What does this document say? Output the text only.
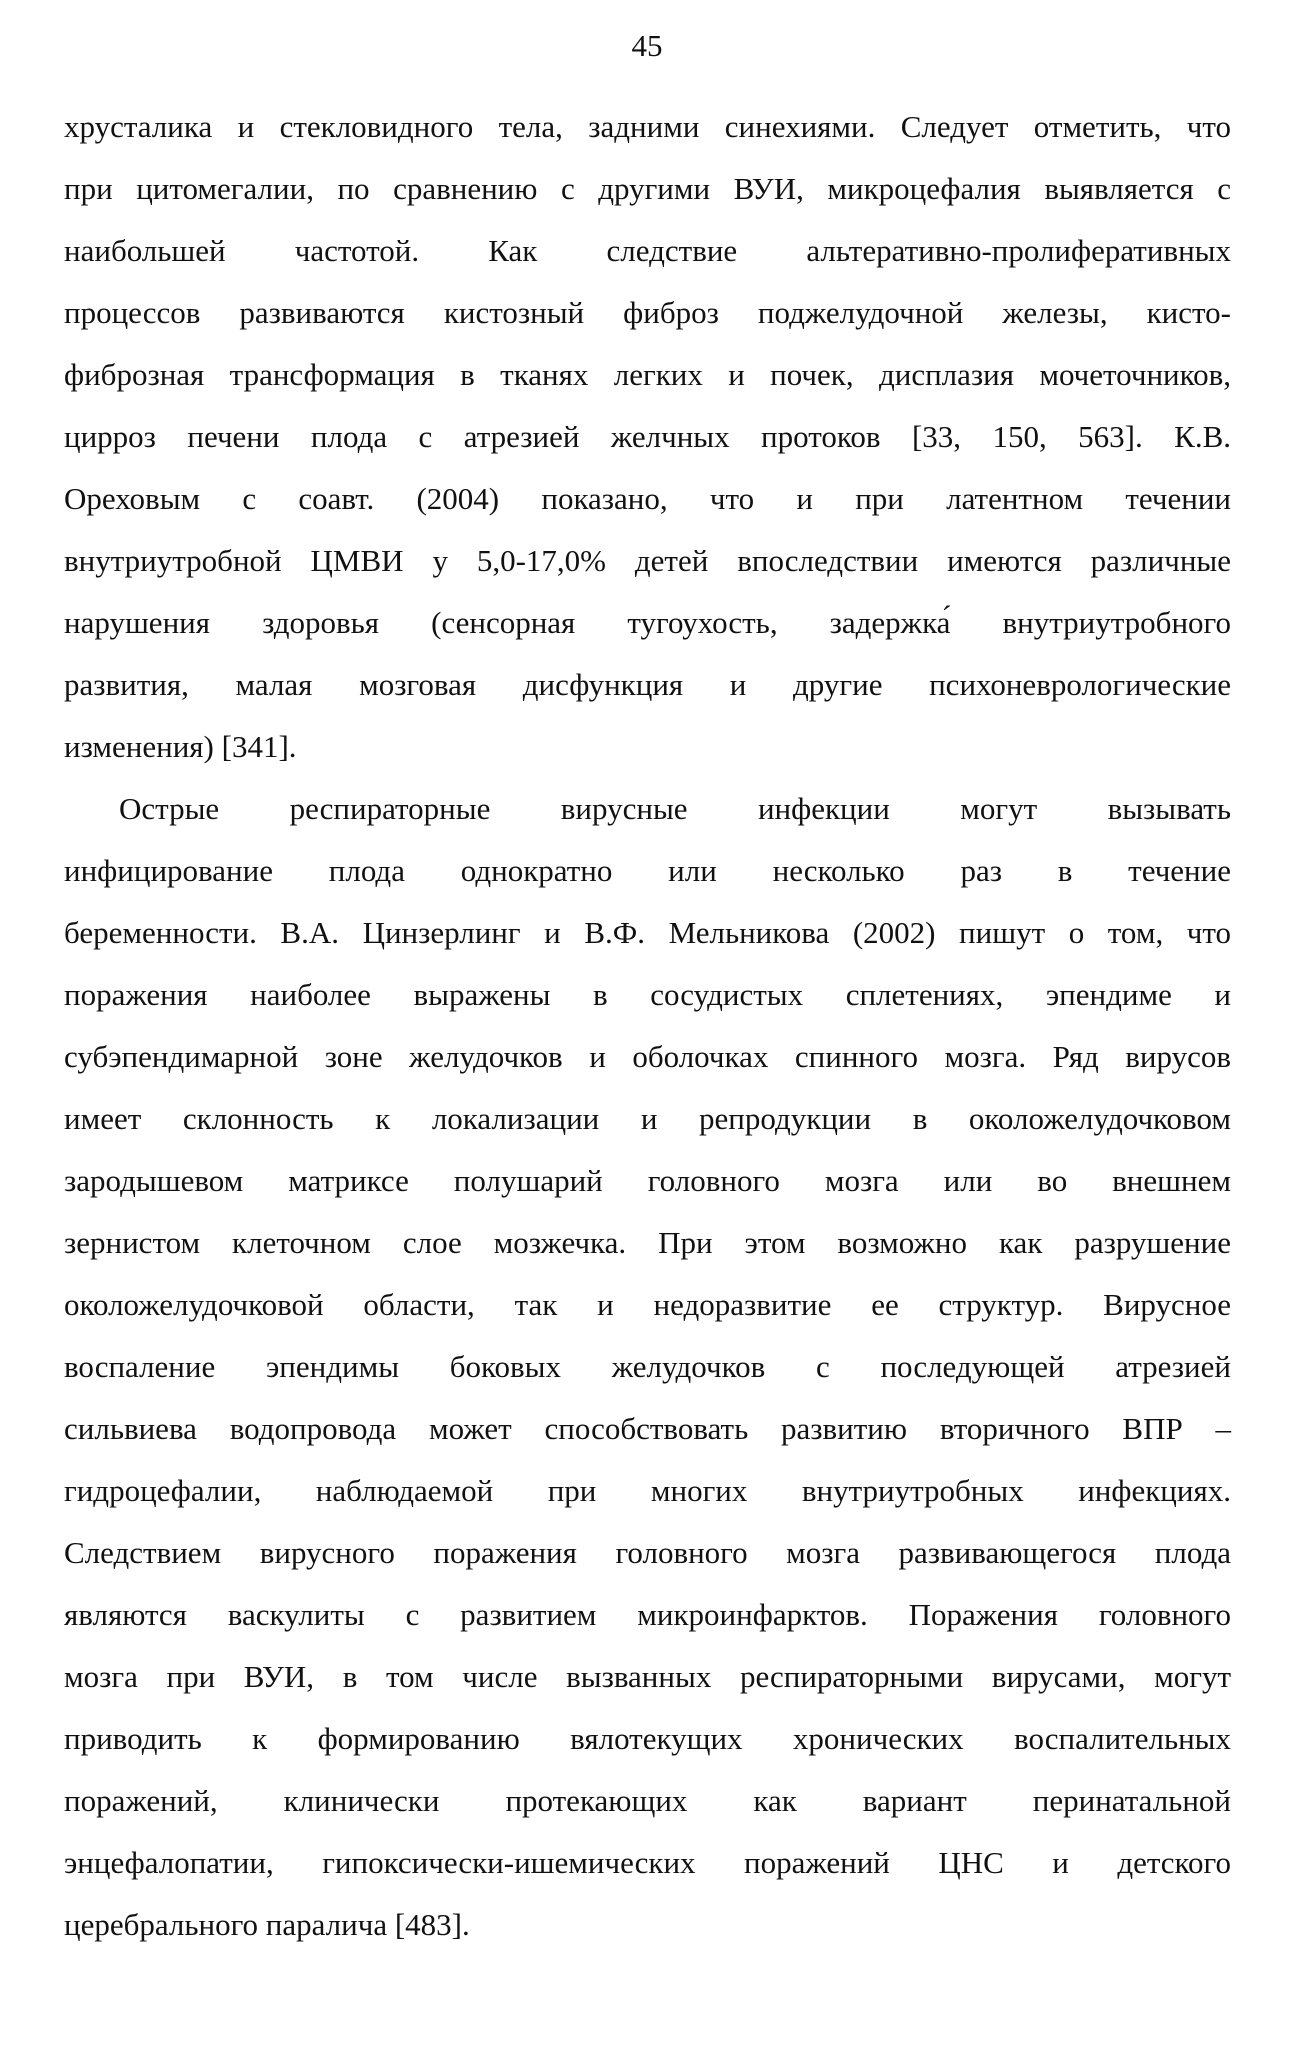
45
хрусталика и стекловидного тела, задними синехиями. Следует отметить, что
при цитомегалии, по сравнению с другими ВУИ, микроцефалия выявляется с
наибольшей частотой. Как следствие альтеративно-пролиферативных
процессов развиваются кистозный фиброз поджелудочной железы, кисто-
фиброзная трансформация в тканях легких и почек, дисплазия мочеточников,
цирроз печени плода с атрезией желчных протоков [33, 150, 563]. К.В.
Ореховым с соавт. (2004) показано, что и при латентном течении
внутриутробной ЦМВИ у 5,0-17,0% детей впоследствии имеются различные
нарушения здоровья (сенсорная тугоухость, задержка́ внутриутробного
развития, малая мозговая дисфункция и другие психоневрологические
изменения) [341].
Острые респираторные вирусные инфекции могут вызывать
инфицирование плода однократно или несколько раз в течение
беременности. В.А. Цинзерлинг и В.Ф. Мельникова (2002) пишут о том, что
поражения наиболее выражены в сосудистых сплетениях, эпендиме и
субэпендимарной зоне желудочков и оболочках спинного мозга. Ряд вирусов
имеет склонность к локализации и репродукции в околожелудочковом
зародышевом матриксе полушарий головного мозга или во внешнем
зернистом клеточном слое мозжечка. При этом возможно как разрушение
околожелудочковой области, так и недоразвитие ее структур. Вирусное
воспаление эпендимы боковых желудочков с последующей атрезией
сильвиева водопровода может способствовать развитию вторичного ВПР –
гидроцефалии, наблюдаемой при многих внутриутробных инфекциях.
Следствием вирусного поражения головного мозга развивающегося плода
являются васкулиты с развитием микроинфарктов. Поражения головного
мозга при ВУИ, в том числе вызванных респираторными вирусами, могут
приводить к формированию вялотекущих хронических воспалительных
поражений, клинически протекающих как вариант перинатальной
энцефалопатии, гипоксически-ишемических поражений ЦНС и детского
церебрального паралича [483].
